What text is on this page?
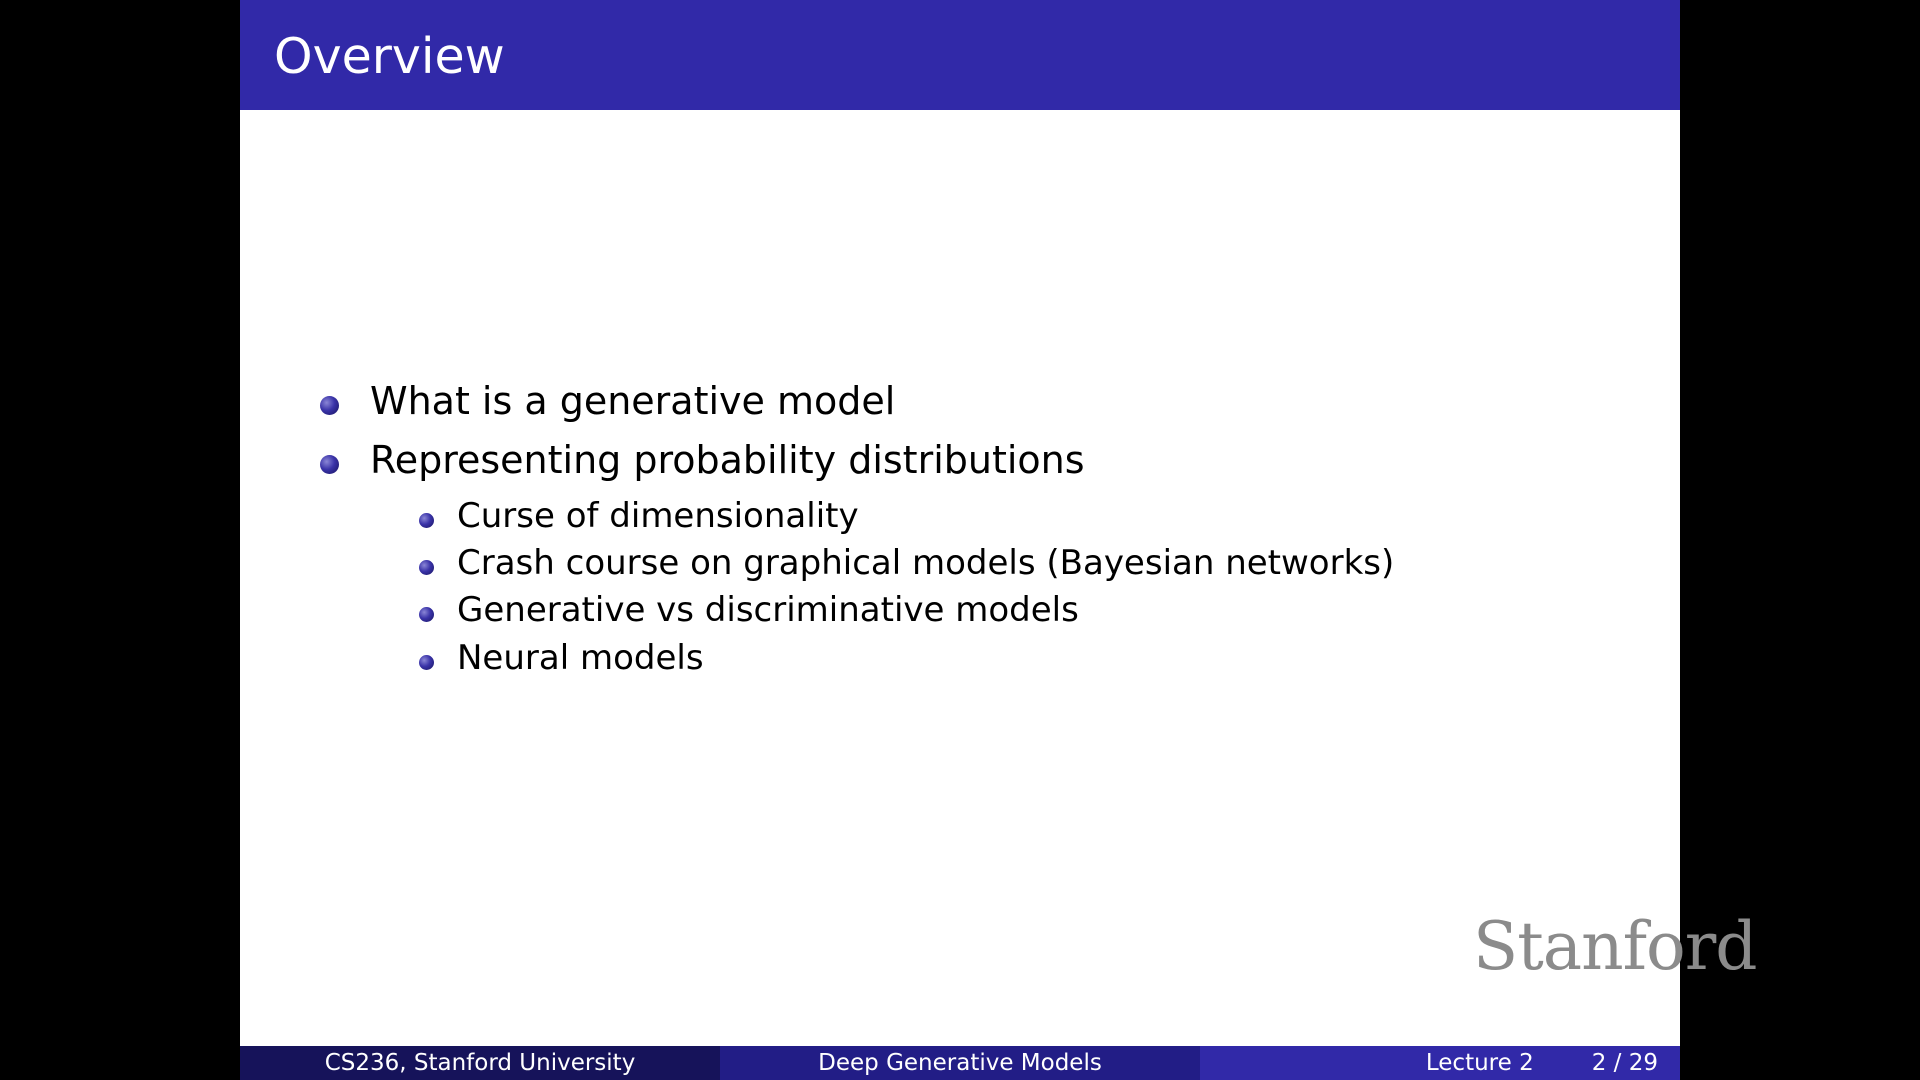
Overview
What is a generative model
Representing probability distributions
Curse of dimensionality
Crash course on graphical models (Bayesian networks)
Generative vs discriminative models
Neural models
Stanford
CS236, Stanford University	Deep Generative Models	Lecture 2	2 / 29
